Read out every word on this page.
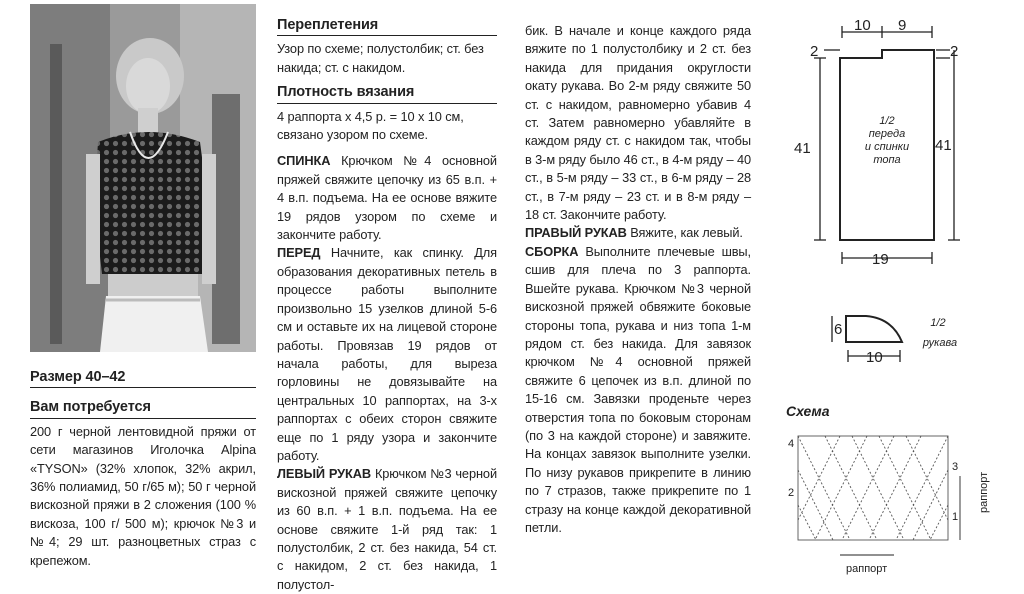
Размер 40–42
Вам потребуется

200 г черной лентовидной пряжи от сети магазинов Иголочка Alpina «TYSON» (32% хлопок, 32% акрил, 36% полиамид, 50 г/65 м); 50 г черной вискозной пряжи в 2 сложения (100 % вискоза, 100 г/ 500 м); крючок №3 и №4; 29 шт. разноцветных страз с крепежом.

Переплетения

Узор по схеме; полустолбик; ст. без накида; ст. с накидом.

Плотность вязания

4 раппорта х 4,5 р. = 10 х 10 см, связано узором по схеме.

СПИНКА Крючком №4 основной пряжей свяжите цепочку из 65 в.п. + 4 в.п. подъема. На ее основе вяжите 19 рядов узором по схеме и закончите работу.

ПЕРЕД Начните, как спинку. Для образования декоративных петель в процессе работы выполните произвольно 15 узелков длиной 5-6 см и оставьте их на лицевой стороне работы. Провязав 19 рядов от начала работы, для выреза горловины не довязывайте на центральных 10 раппортах, на 3-х раппортах с обеих сторон свяжите еще по 1 ряду узора и закончите работу.

ЛЕВЫЙ РУКАВ Крючком №3 черной вискозной пряжей свяжите цепочку из 60 в.п. + 1 в.п. подъема. На ее основе свяжите 1-й ряд так: 1 полустолбик, 2 ст. без накида, 54 ст. с накидом, 2 ст. без накида, 1 полустол-

бик. В начале и конце каждого ряда вяжите по 1 полустолбику и 2 ст. без накида для придания округлости окату рукава. Во 2-м ряду свяжите 50 ст. с накидом, равномерно убавив 4 ст. Затем равномерно убавляйте в каждом ряду ст. с накидом так, чтобы в 3-м ряду было 46 ст., в 4-м ряду – 40 ст., в 5-м ряду – 33 ст., в 6-м ряду – 28 ст., в 7-м ряду – 23 ст. и в 8-м ряду – 18 ст. Закончите работу.

ПРАВЫЙ РУКАВ Вяжите, как левый.

СБОРКА Выполните плечевые швы, сшив для плеча по 3 раппорта. Вшейте рукава. Крючком №3 черной вискозной пряжей обвяжите боковые стороны топа, рукава и низ топа 1-м рядом ст. без накида. Для завязок крючком №4 основной пряжей свяжите 6 цепочек из в.п. длиной по 15-16 см. Завязки проденьте через отверстия топа по боковым сторонам (по 3 на каждой стороне) и завяжите. На концах завязок выполните узелки. По низу рукавов прикрепите в линию по 7 стразов, также прикрепите по 1 стразу на конце каждой декоративной петли.

10 9
2	2
41	41
19
6
10
1/2
переда
и спинки
топа
1/2
рукава
Схема
4
3
2
1
раппорт
раппорт
